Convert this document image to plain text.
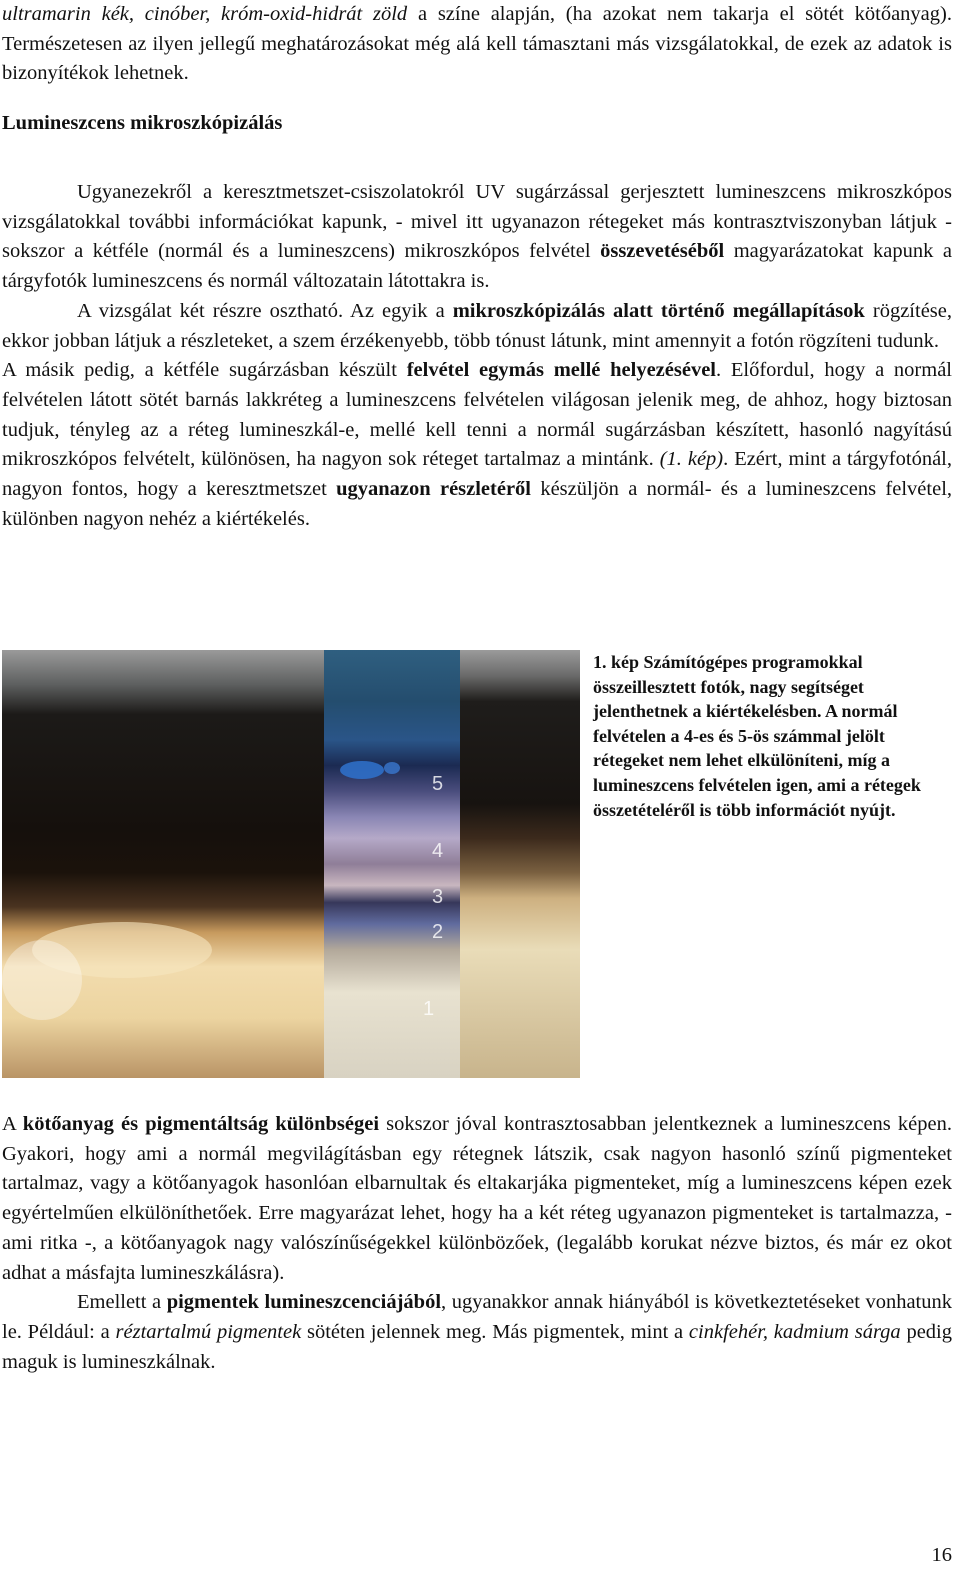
ultramarin kék, cinóber, króm-oxid-hidrát zöld a színe alapján, (ha azokat nem takarja el sötét kötőanyag). Természetesen az ilyen jellegű meghatározásokat még alá kell támasztani más vizsgálatokkal, de ezek az adatok is bizonyítékok lehetnek.

Lumineszcens mikroszkópizálás

Ugyanezekről a keresztmetszet-csiszolatokról UV sugárzással gerjesztett lumineszcens mikroszkópos vizsgálatokkal további információkat kapunk, - mivel itt ugyanazon rétegeket más kontrasztviszonyban látjuk - sokszor a kétféle (normál és a lumineszcens) mikroszkópos felvétel összevetéséből magyarázatokat kapunk a tárgyfotók lumineszcens és normál változatain látottakra is.

A vizsgálat két részre osztható. Az egyik a mikroszkópizálás alatt történő megállapítások rögzítése, ekkor jobban látjuk a részleteket, a szem érzékenyebb, több tónust látunk, mint amennyit a fotón rögzíteni tudunk.

A másik pedig, a kétféle sugárzásban készült felvétel egymás mellé helyezésével. Előfordul, hogy a normál felvételen látott sötét barnás lakkréteg a lumineszcens felvételen világosan jelenik meg, de ahhoz, hogy biztosan tudjuk, tényleg az a réteg lumineszkál-e, mellé kell tenni a normál sugárzásban készített, hasonló nagyítású mikroszkópos felvételt, különösen, ha nagyon sok réteget tartalmaz a mintánk. (1. kép). Ezért, mint a tárgyfotónál, nagyon fontos, hogy a keresztmetszet ugyanazon részletéről készüljön a normál- és a lumineszcens felvétel, különben nagyon nehéz a kiértékelés.

5
4
3
2
1
1. kép Számítógépes programokkal összeillesztett fotók, nagy segítséget jelenthetnek a kiértékelésben. A normál felvételen a 4-es és 5-ös számmal jelölt rétegeket nem lehet elkülöníteni, míg a lumineszcens felvételen igen, ami a rétegek összetételéről is több információt nyújt.

A kötőanyag és pigmentáltság különbségei sokszor jóval kontrasztosabban jelentkeznek a lumineszcens képen. Gyakori, hogy ami a normál megvilágításban egy rétegnek látszik, csak nagyon hasonló színű pigmenteket tartalmaz, vagy a kötőanyagok hasonlóan elbarnultak és eltakarjáka pigmenteket, míg a lumineszcens képen ezek egyértelműen elkülöníthetőek. Erre magyarázat lehet, hogy ha a két réteg ugyanazon pigmenteket is tartalmazza, - ami ritka -, a kötőanyagok nagy valószínűségekkel különbözőek, (legalább korukat nézve biztos, és már ez okot adhat a másfajta lumineszkálásra).

Emellett a pigmentek lumineszcenciájából, ugyanakkor annak hiányából is következtetéseket vonhatunk le. Például: a réztartalmú pigmentek sötéten jelennek meg. Más pigmentek, mint a cinkfehér, kadmium sárga pedig maguk is lumineszkálnak.

16
